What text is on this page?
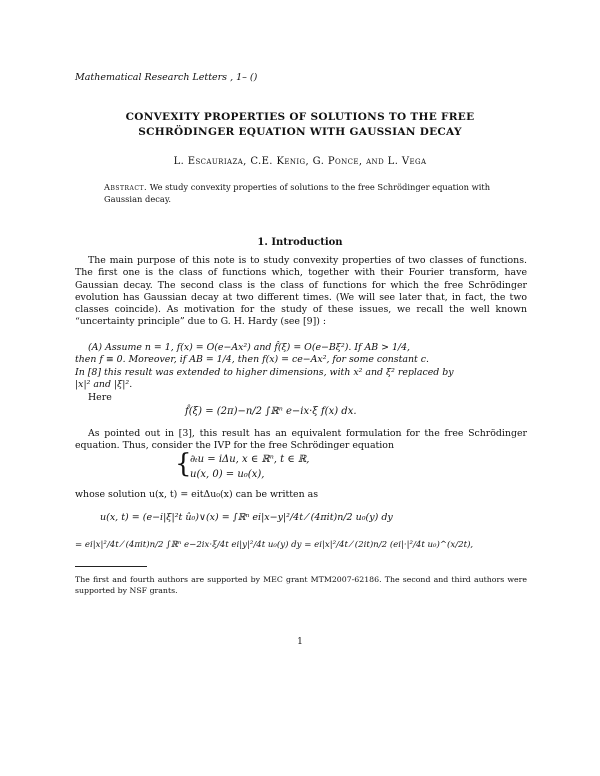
Mathematical Research Letters , 1– ()
CONVEXITY PROPERTIES OF SOLUTIONS TO THE FREE
SCHRÖDINGER EQUATION WITH GAUSSIAN DECAY
L. Escauriaza, C.E. Kenig, G. Ponce, and L. Vega
Abstract. We study convexity properties of solutions to the free Schrödinger equation with Gaussian decay.
1. Introduction

The main purpose of this note is to study convexity properties of two classes of functions. The first one is the class of functions which, together with their Fourier transform, have Gaussian decay. The second class is the class of functions for which the free Schrödinger evolution has Gaussian decay at two different times. (We will see later that, in fact, the two classes coincide). As motivation for the study of these issues, we recall the well known “uncertainty principle” due to G. H. Hardy (see [9]) :

(A) Assume n = 1, f(x) = O(e−Ax²) and f̂(ξ) = O(e−Bξ²). If AB > 1/4,
then f ≡ 0. Moreover, if AB = 1/4, then f(x) = ce−Ax², for some constant c.
In [8] this result was extended to higher dimensions, with x² and ξ² replaced by
|x|² and |ξ|².
Here
f̂(ξ) = (2π)−n/2 ∫ℝⁿ e−ix·ξ f(x) dx.

As pointed out in [3], this result has an equivalent formulation for the free Schrödinger equation. Thus, consider the IVP for the free Schrödinger equation

{
∂ₜu = iΔu, x ∈ ℝⁿ, t ∈ ℝ,
u(x, 0) = u₀(x),
whose solution u(x, t) = eitΔu₀(x) can be written as
u(x, t) = (e−i|ξ|²t û₀)∨(x) = ∫ℝⁿ ei|x−y|²/4t ⁄ (4πit)n/2 u₀(y) dy
= ei|x|²/4t ⁄ (4πit)n/2 ∫ℝⁿ e−2ix·ξ/4t ei|y|²/4t u₀(y) dy = ei|x|²/4t ⁄ (2it)n/2 (ei|·|²/4t u₀)^(x/2t),
The first and fourth authors are supported by MEC grant MTM2007-62186. The second and third authors were supported by NSF grants.
1
